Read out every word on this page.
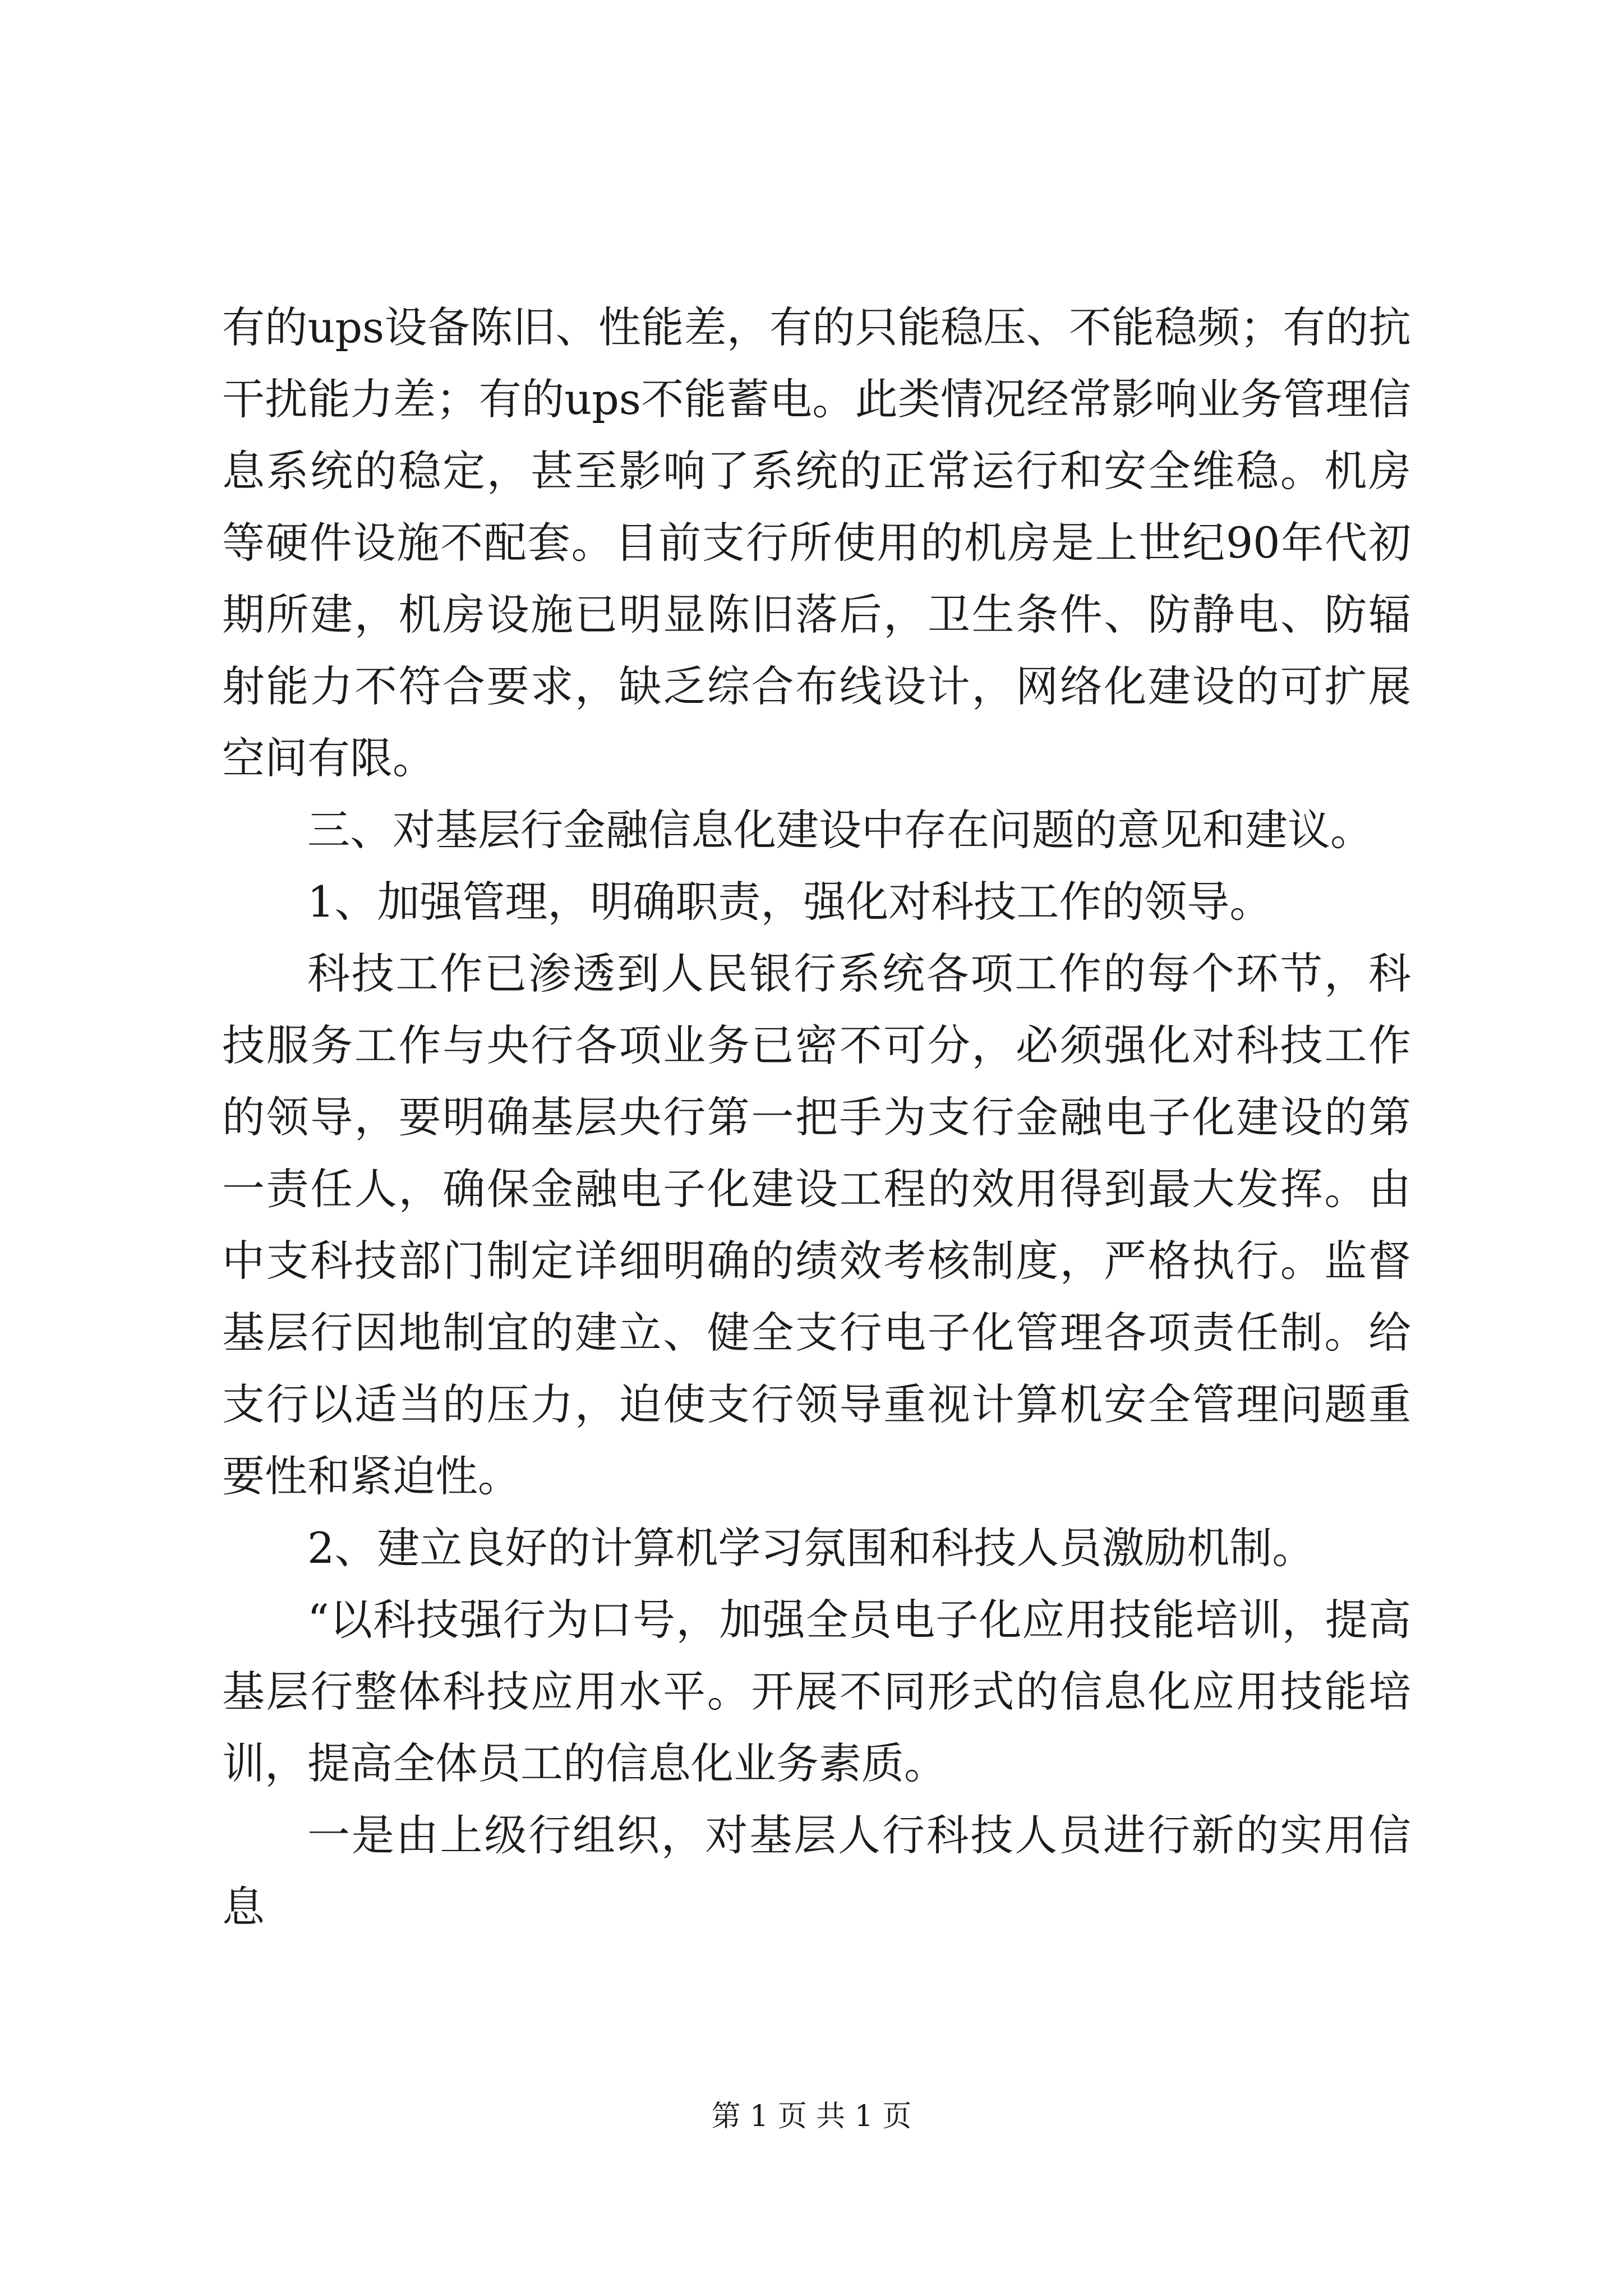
有的ups设备陈旧、性能差，有的只能稳压、不能稳频；有的抗干扰能力差；有的ups不能蓄电。此类情况经常影响业务管理信息系统的稳定，甚至影响了系统的正常运行和安全维稳。机房等硬件设施不配套。目前支行所使用的机房是上世纪90年代初期所建，机房设施已明显陈旧落后，卫生条件、防静电、防辐射能力不符合要求，缺乏综合布线设计，网络化建设的可扩展空间有限。

三、对基层行金融信息化建设中存在问题的意见和建议。

1、加强管理，明确职责，强化对科技工作的领导。

科技工作已渗透到人民银行系统各项工作的每个环节，科技服务工作与央行各项业务已密不可分，必须强化对科技工作的领导，要明确基层央行第一把手为支行金融电子化建设的第一责任人，确保金融电子化建设工程的效用得到最大发挥。由中支科技部门制定详细明确的绩效考核制度，严格执行。监督基层行因地制宜的建立、健全支行电子化管理各项责任制。给支行以适当的压力，迫使支行领导重视计算机安全管理问题重要性和紧迫性。

2、建立良好的计算机学习氛围和科技人员激励机制。

“以科技强行为口号，加强全员电子化应用技能培训，提高基层行整体科技应用水平。开展不同形式的信息化应用技能培训，提高全体员工的信息化业务素质。

一是由上级行组织，对基层人行科技人员进行新的实用信息

第 1 页 共 1 页
